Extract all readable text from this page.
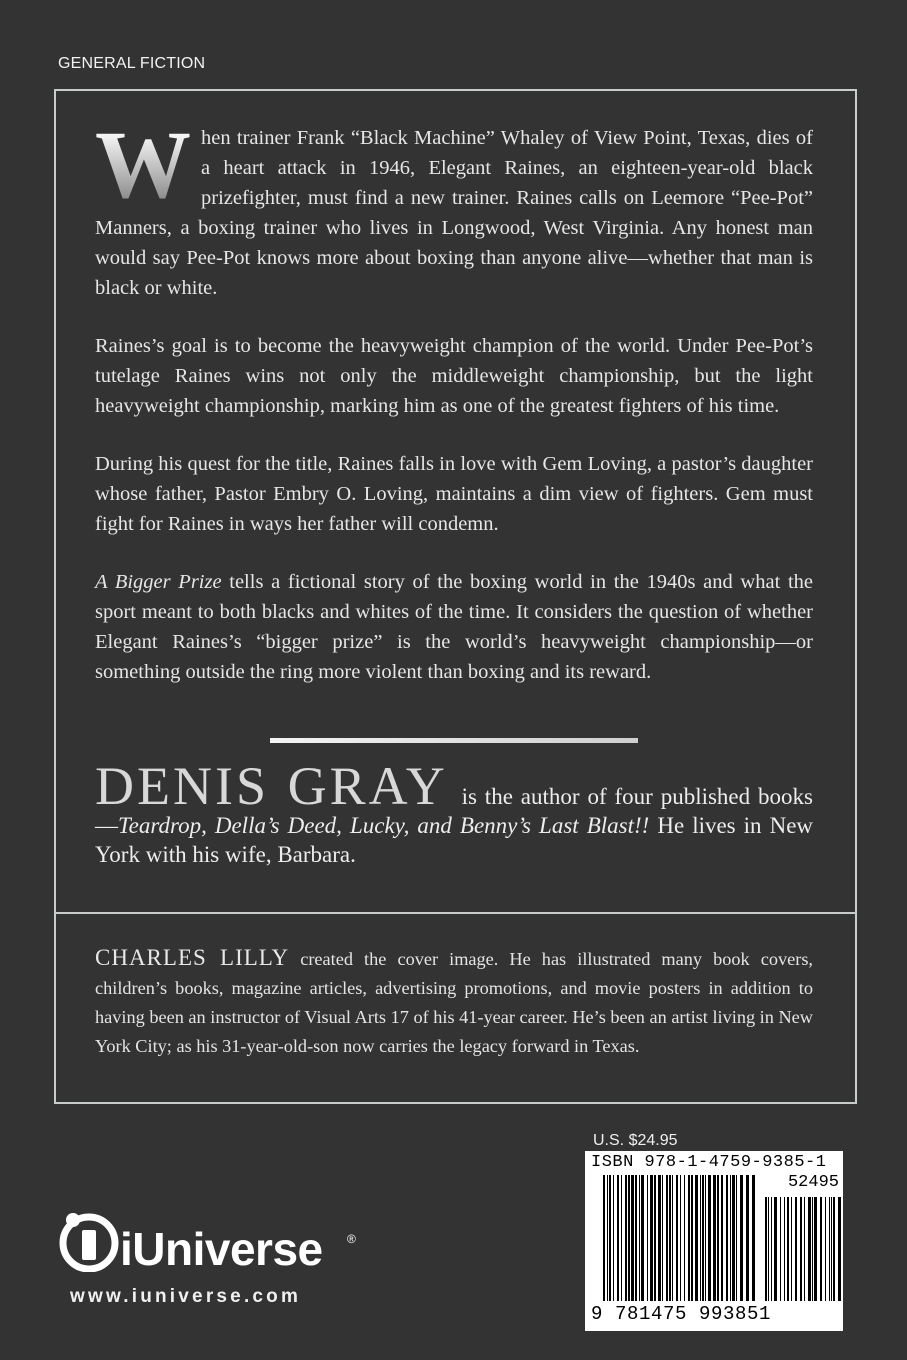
GENERAL FICTION

W hen trainer Frank “Black Machine” Whaley of View Point, Texas, dies of a heart attack in 1946, Elegant Raines, an eighteen-year-old black prizefighter, must find a new trainer. Raines calls on Leemore “Pee-Pot” Manners, a boxing trainer who lives in Longwood, West Virginia. Any honest man would say Pee-Pot knows more about boxing than anyone alive—whether that man is black or white.

Raines’s goal is to become the heavyweight champion of the world. Under Pee-Pot’s tutelage Raines wins not only the middleweight championship, but the light heavyweight championship, marking him as one of the greatest fighters of his time.

During his quest for the title, Raines falls in love with Gem Loving, a pastor’s daughter whose father, Pastor Embry O. Loving, maintains a dim view of fighters. Gem must fight for Raines in ways her father will condemn.

A Bigger Prize tells a fictional story of the boxing world in the 1940s and what the sport meant to both blacks and whites of the time. It considers the question of whether Elegant Raines’s “bigger prize” is the world’s heavyweight championship—or something outside the ring more violent than boxing and its reward.

DENIS GRAY is the author of four published books—Teardrop, Della’s Deed, Lucky, and Benny’s Last Blast!! He lives in New York with his wife, Barbara.
CHARLES LILLY created the cover image. He has illustrated many book covers, children’s books, magazine articles, advertising promotions, and movie posters in addition to having been an instructor of Visual Arts 17 of his 41-year career. He’s been an artist living in New York City; as his 31-year-old-son now carries the legacy forward in Texas.
U.S. $24.95
ISBN 978-1-4759-9385-1
52495
9 781475 993851
iUniverse ®
www.iuniverse.com
